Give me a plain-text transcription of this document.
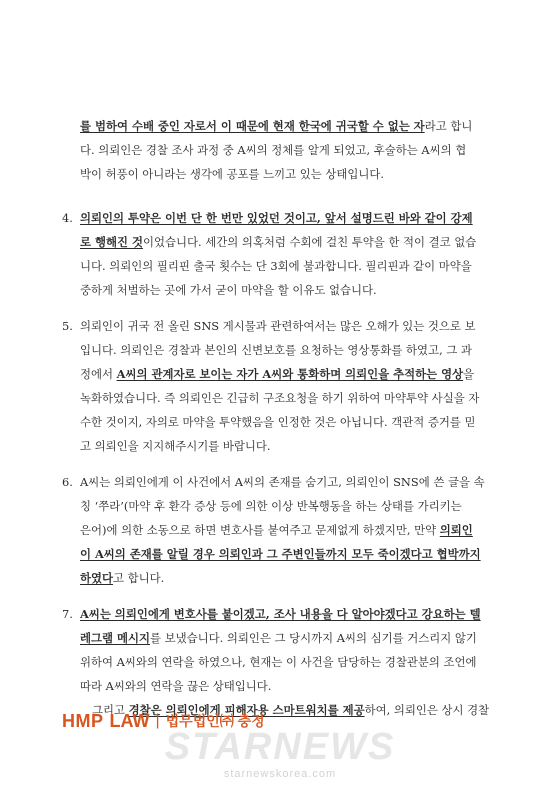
를 범하여 수배 중인 자로서 이 때문에 현재 한국에 귀국할 수 없는 자라고 합니
다. 의뢰인은 경찰 조사 과정 중 A씨의 정체를 알게 되었고, 후술하는 A씨의 협
박이 허풍이 아니라는 생각에 공포를 느끼고 있는 상태입니다.
4. 의뢰인의 투약은 이번 단 한 번만 있었던 것이고, 앞서 설명드린 바와 같이 강제
로 행해진 것이었습니다. 세간의 의혹처럼 수회에 걸친 투약을 한 적이 결코 없습
니다. 의뢰인의 필리핀 출국 횟수는 단 3회에 불과합니다. 필리핀과 같이 마약을
중하게 처벌하는 곳에 가서 굳이 마약을 할 이유도 없습니다.
5. 의뢰인이 귀국 전 올린 SNS 게시물과 관련하여서는 많은 오해가 있는 것으로 보
입니다. 의뢰인은 경찰과 본인의 신변보호를 요청하는 영상통화를 하였고, 그 과
정에서 A씨의 관계자로 보이는 자가 A씨와 통화하며 의뢰인을 추적하는 영상을
녹화하였습니다. 즉 의뢰인은 긴급히 구조요청을 하기 위하여 마약투약 사실을 자
수한 것이지, 자의로 마약을 투약했음을 인정한 것은 아닙니다. 객관적 증거를 믿
고 의뢰인을 지지해주시기를 바랍니다.
6. A씨는 의뢰인에게 이 사건에서 A씨의 존재를 숨기고, 의뢰인이 SNS에 쓴 글을 속
칭 ‘쭈라’(마약 후 환각 증상 등에 의한 이상 반복행동을 하는 상태를 가리키는
은어)에 의한 소동으로 하면 변호사를 붙여주고 문제없게 하겠지만, 만약 의뢰인
이 A씨의 존재를 알릴 경우 의뢰인과 그 주변인들까지 모두 죽이겠다고 협박까지
하였다고 합니다.
7. A씨는 의뢰인에게 변호사를 붙이겠고, 조사 내용을 다 알아야겠다고 강요하는 텔
레그램 메시지를 보냈습니다. 의뢰인은 그 당시까지 A씨의 심기를 거스리지 않기
위하여 A씨와의 연락을 하였으나, 현재는 이 사건을 담당하는 경찰관분의 조언에
따라 A씨와의 연락을 끊은 상태입니다.
그리고 경찰은 의뢰인에게 피해자용 스마트워치를 제공하여, 의뢰인은 상시 경찰
HMP LAW | 법무법인㈜ 충정
STARNEWS
starnewskorea.com
